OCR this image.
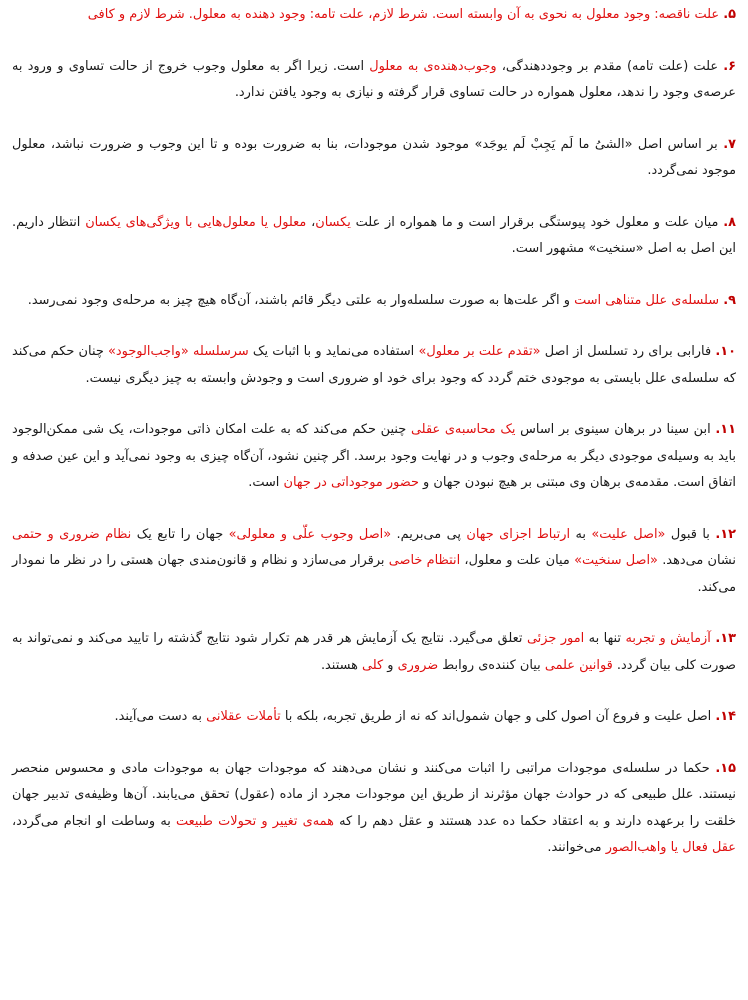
۵. علت ناقصه: وجود معلول به نحوی به آن وابسته است. شرط لازم، علت تامه: وجود دهنده به معلول. شرط لازم و کافی
۶. علت (علت تامه) مقدم بر وجوددهندگی، وجوب‌دهنده‌ی به معلول است. زیرا اگر به معلول وجوب خروج از حالت تساوی و ورود به عرصه‌ی وجود را ندهد، معلول همواره در حالت تساوی قرار گرفته و نیازی به وجود یافتن ندارد.
۷. بر اساس اصل «الشیُ ما لَم یَجِبْ لَم یوجَد» موجود شدن موجودات، بنا به ضرورت بوده و تا این وجوب و ضرورت نباشد، معلول موجود نمی‌گردد.
۸. میان علت و معلول خود پیوستگی برقرار است و ما همواره از علت یکسان، معلول یا معلول‌هایی با ویژگی‌های یکسان انتظار داریم. این اصل به اصل «سنخیت» مشهور است.
۹. سلسله‌ی علل متناهی است و اگر علت‌ها به صورت سلسله‌وار به علتی دیگر قائم باشند، آن‌گاه هیچ چیز به مرحله‌ی وجود نمی‌رسد.
۱۰. فارابی برای رد تسلسل از اصل «تقدم علت بر معلول» استفاده می‌نماید و با اثبات یک سرسلسله «واجب‌الوجود» چنان حکم می‌کند که سلسله‌ی علل بایستی به موجودی ختم گردد که وجود برای خود او ضروری است و وجودش وابسته به چیز دیگری نیست.
۱۱. ابن سینا در برهان سینوی بر اساس یک محاسبه‌ی عقلی چنین حکم می‌کند که به علت امکان ذاتی موجودات، یک شی ممکن‌الوجود باید به وسیله‌ی موجودی دیگر به مرحله‌ی وجوب و در نهایت وجود برسد. اگر چنین نشود، آن‌گاه چیزی به وجود نمی‌آید و این عین صدفه و اتفاق است. مقدمه‌ی برهان وی مبتنی بر هیچ نبودن جهان و حضور موجوداتی در جهان است.
۱۲. با قبول «اصل علیت» به ارتباط اجزای جهان پی می‌بریم. «اصل وجوب علّی و معلولی» جهان را تابع یک نظام ضروری و حتمی نشان می‌دهد. «اصل سنخیت» میان علت و معلول، انتظام خاصی برقرار می‌سازد و نظام و قانون‌مندی جهان هستی را در نظر ما نمودار می‌کند.
۱۳. آزمایش و تجربه تنها به امور جزئی تعلق می‌گیرد. نتایج یک آزمایش هر قدر هم تکرار شود نتایج گذشته را تایید می‌کند و نمی‌تواند به صورت کلی بیان گردد. قوانین علمی بیان کننده‌ی روابط ضروری و کلی هستند.
۱۴. اصل علیت و فروع آن اصول کلی و جهان شمول‌اند که نه از طریق تجربه، بلکه با تأملات عقلانی به دست می‌آیند.
۱۵. حکما در سلسله‌ی موجودات مراتبی را اثبات می‌کنند و نشان می‌دهند که موجودات جهان به موجودات مادی و محسوس منحصر نیستند. علل طبیعی که در حوادث جهان مؤثرند از طریق این موجودات مجرد از ماده (عقول) تحقق می‌یابند. آن‌ها وظیفه‌ی تدبیر جهان خلقت را برعهده دارند و به اعتقاد حکما ده عدد هستند و عقل دهم را که همه‌ی تغییر و تحولات طبیعت به وساطت او انجام می‌گردد، عقل فعال یا واهب‌الصور می‌خوانند.
